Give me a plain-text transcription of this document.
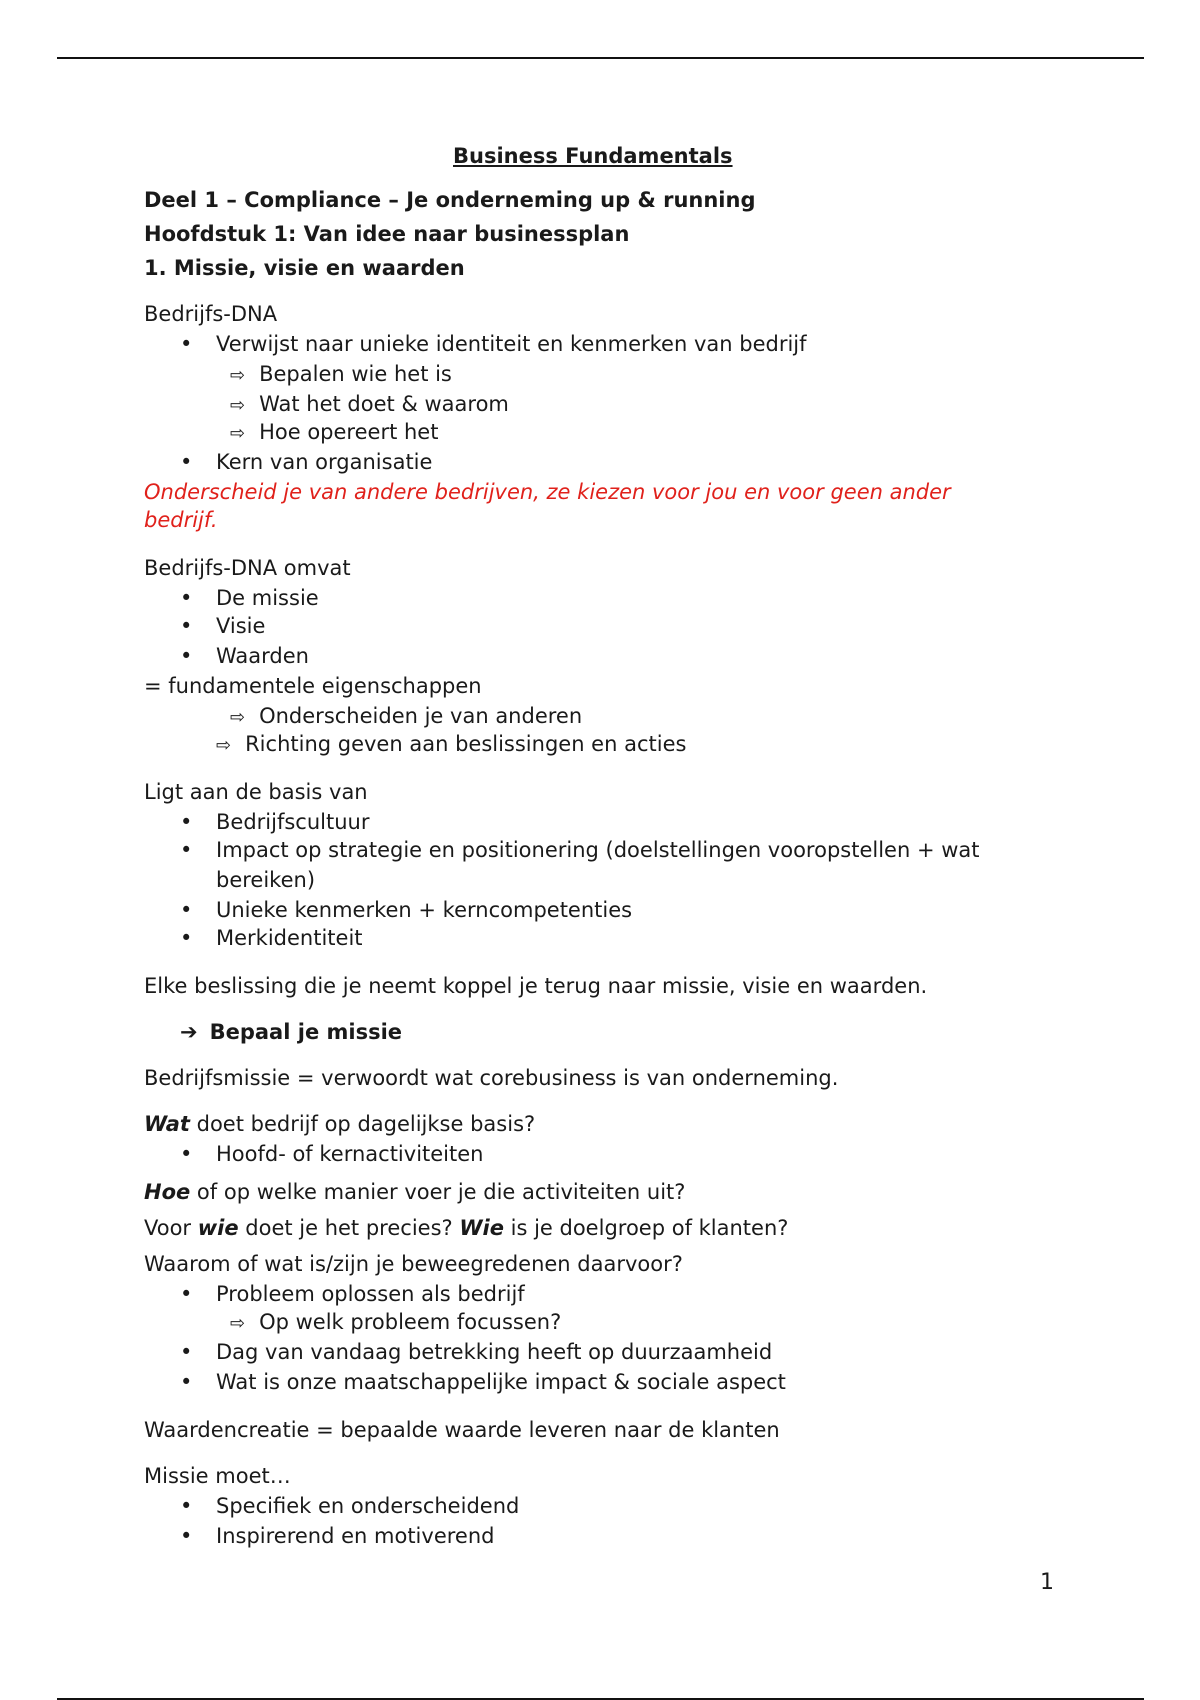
Business Fundamentals
Deel 1 – Compliance – Je onderneming up & running
Hoofdstuk 1: Van idee naar businessplan
1. Missie, visie en waarden
Bedrijfs-DNA
• Verwijst naar unieke identiteit en kenmerken van bedrijf
⇨ Bepalen wie het is
⇨ Wat het doet & waarom
⇨ Hoe opereert het
• Kern van organisatie
Onderscheid je van andere bedrijven, ze kiezen voor jou en voor geen ander
bedrijf.
Bedrijfs-DNA omvat
• De missie
• Visie
• Waarden
= fundamentele eigenschappen
⇨ Onderscheiden je van anderen
⇨ Richting geven aan beslissingen en acties
Ligt aan de basis van
• Bedrijfscultuur
• Impact op strategie en positionering (doelstellingen vooropstellen + wat
bereiken)
• Unieke kenmerken + kerncompetenties
• Merkidentiteit
Elke beslissing die je neemt koppel je terug naar missie, visie en waarden.
➔ Bepaal je missie
Bedrijfsmissie = verwoordt wat corebusiness is van onderneming.
Wat doet bedrijf op dagelijkse basis?
• Hoofd- of kernactiviteiten
Hoe of op welke manier voer je die activiteiten uit?
Voor wie doet je het precies? Wie is je doelgroep of klanten?
Waarom of wat is/zijn je beweegredenen daarvoor?
• Probleem oplossen als bedrijf
⇨ Op welk probleem focussen?
• Dag van vandaag betrekking heeft op duurzaamheid
• Wat is onze maatschappelijke impact & sociale aspect
Waardencreatie = bepaalde waarde leveren naar de klanten
Missie moet…
• Specifiek en onderscheidend
• Inspirerend en motiverend
1
